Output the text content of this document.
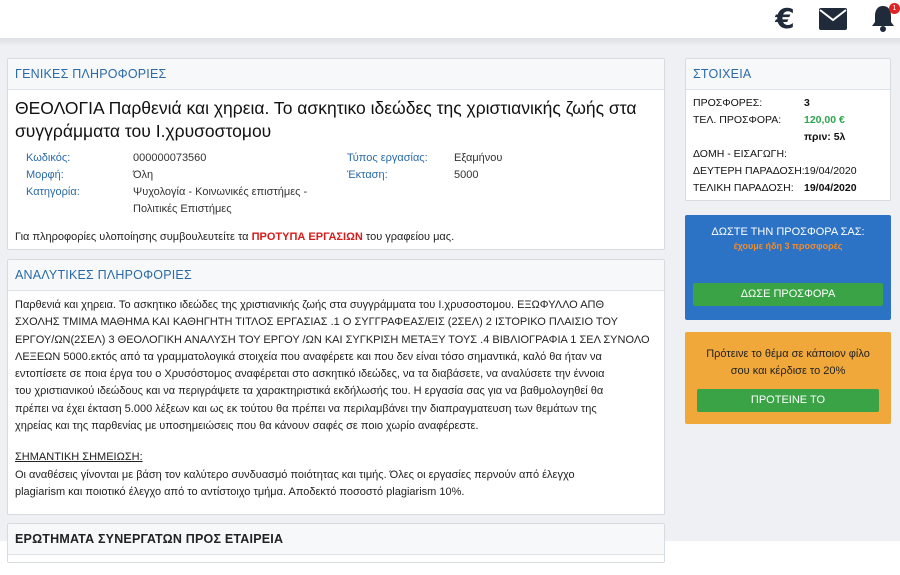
€	1
ΓΕΝΙΚΕΣ ΠΛΗΡΟΦΟΡΙΕΣ
ΘΕΟΛΟΓΙΑ Παρθενιά και χηρεια. Το ασκητικο ιδεώδες της χριστιανικής ζωής στα συγγράμματα του Ι.χρυσοστομου
Κωδικός:
Μορφή:
Κατηγορία:
000000073560
Όλη
Ψυχολογία - Κοινωνικές επιστήμες -
Πολιτικές Επιστήμες
Τύπος εργασίας:
Έκταση:
Εξαμήνου
5000
Για πληροφορίες υλοποίησης συμβουλευτείτε τα ΠΡΟΤΥΠΑ ΕΡΓΑΣΙΩΝ του γραφείου μας.
ΑΝΑΛΥΤΙΚΕΣ ΠΛΗΡΟΦΟΡΙΕΣ
Παρθενιά και χηρεια. Το ασκητικο ιδεώδες της χριστιανικής ζωής στα συγγράμματα του Ι.χρυσοστομου. ΕΞΩΦΥΛΛΟ ΑΠΘ
ΣΧΟΛΗΣ ΤΜΙΜΑ ΜΑΘΗΜΑ ΚΑΙ ΚΑΘΗΓΗΤΗ ΤΙΤΛΟΣ ΕΡΓΑΣΙΑΣ .1 Ο ΣΥΓΓΡΑΦΕΑΣ/ΕΙΣ (2ΣΕΛ) 2 ΙΣΤΟΡΙΚΟ ΠΛΑΙΣΙΟ ΤΟΥ
ΕΡΓΟΥ/ΩΝ(2ΣΕΛ) 3 ΘΕΟΛΟΓΙΚΗ ΑΝΑΛΥΣΗ ΤΟΥ ΕΡΓΟΥ /ΩΝ ΚΑΙ ΣΥΓΚΡΙΣΗ ΜΕΤΑΞΥ ΤΟΥΣ .4 ΒΙΒΛΙΟΓΡΑΦΙΑ 1 ΣΕΛ ΣΥΝΟΛΟ
ΛΕΞΕΩΝ 5000.εκτός από τα γραμματολογικά στοιχεία που αναφέρετε και που δεν είναι τόσο σημαντικά, καλό θα ήταν να
εντοπίσετε σε ποια έργα του ο Χρυσόστομος αναφέρεται στο ασκητικό ιδεώδες, να τα διαβάσετε, να αναλύσετε την έννοια
του χριστιανικού ιδεώδους και να περιγράψετε τα χαρακτηριστικά εκδήλωσής του. Η εργασία σας για να βαθμολογηθεί θα
πρέπει να έχει έκταση 5.000 λέξεων και ως εκ τούτου θα πρέπει να περιλαμβάνει την διαπραγματευση των θεμάτων της
χηρείας και της παρθενίας με υποσημειώσεις που θα κάνουν σαφές σε ποιο χωρίο αναφέρεστε.
ΣΗΜΑΝΤΙΚΗ ΣΗΜΕΙΩΣΗ:
Οι αναθέσεις γίνονται με βάση τον καλύτερο συνδυασμό ποιότητας και τιμής. Όλες οι εργασίες περνούν από έλεγχο
plagiarism και ποιοτικό έλεγχο από το αντίστοιχο τμήμα. Αποδεκτό ποσοστό plagiarism 10%.
ΕΡΩΤΗΜΑΤΑ ΣΥΝΕΡΓΑΤΩΝ ΠΡΟΣ ΕΤΑΙΡΕΙΑ
ΣΤΟΙΧΕΙΑ
ΠΡΟΣΦΟΡΕΣ:	3
ΤΕΛ. ΠΡΟΣΦΟΡΑ: 120,00 €
πριν: 5λ
ΔΟΜΗ - ΕΙΣΑΓΩΓΗ:
ΔΕΥΤΕΡΗ ΠΑΡΑΔΟΣΗ: 19/04/2020
ΤΕΛΙΚΗ ΠΑΡΑΔΟΣΗ: 19/04/2020
ΔΩΣΤΕ ΤΗΝ ΠΡΟΣΦΟΡΑ ΣΑΣ:
έχουμε ήδη 3 προσφορές
ΔΩΣΕ ΠΡΟΣΦΟΡΑ
Πρότεινε το θέμα σε κάποιον φίλο
σου και κέρδισε το 20%
ΠΡΟΤΕΙΝΕ ΤΟ
